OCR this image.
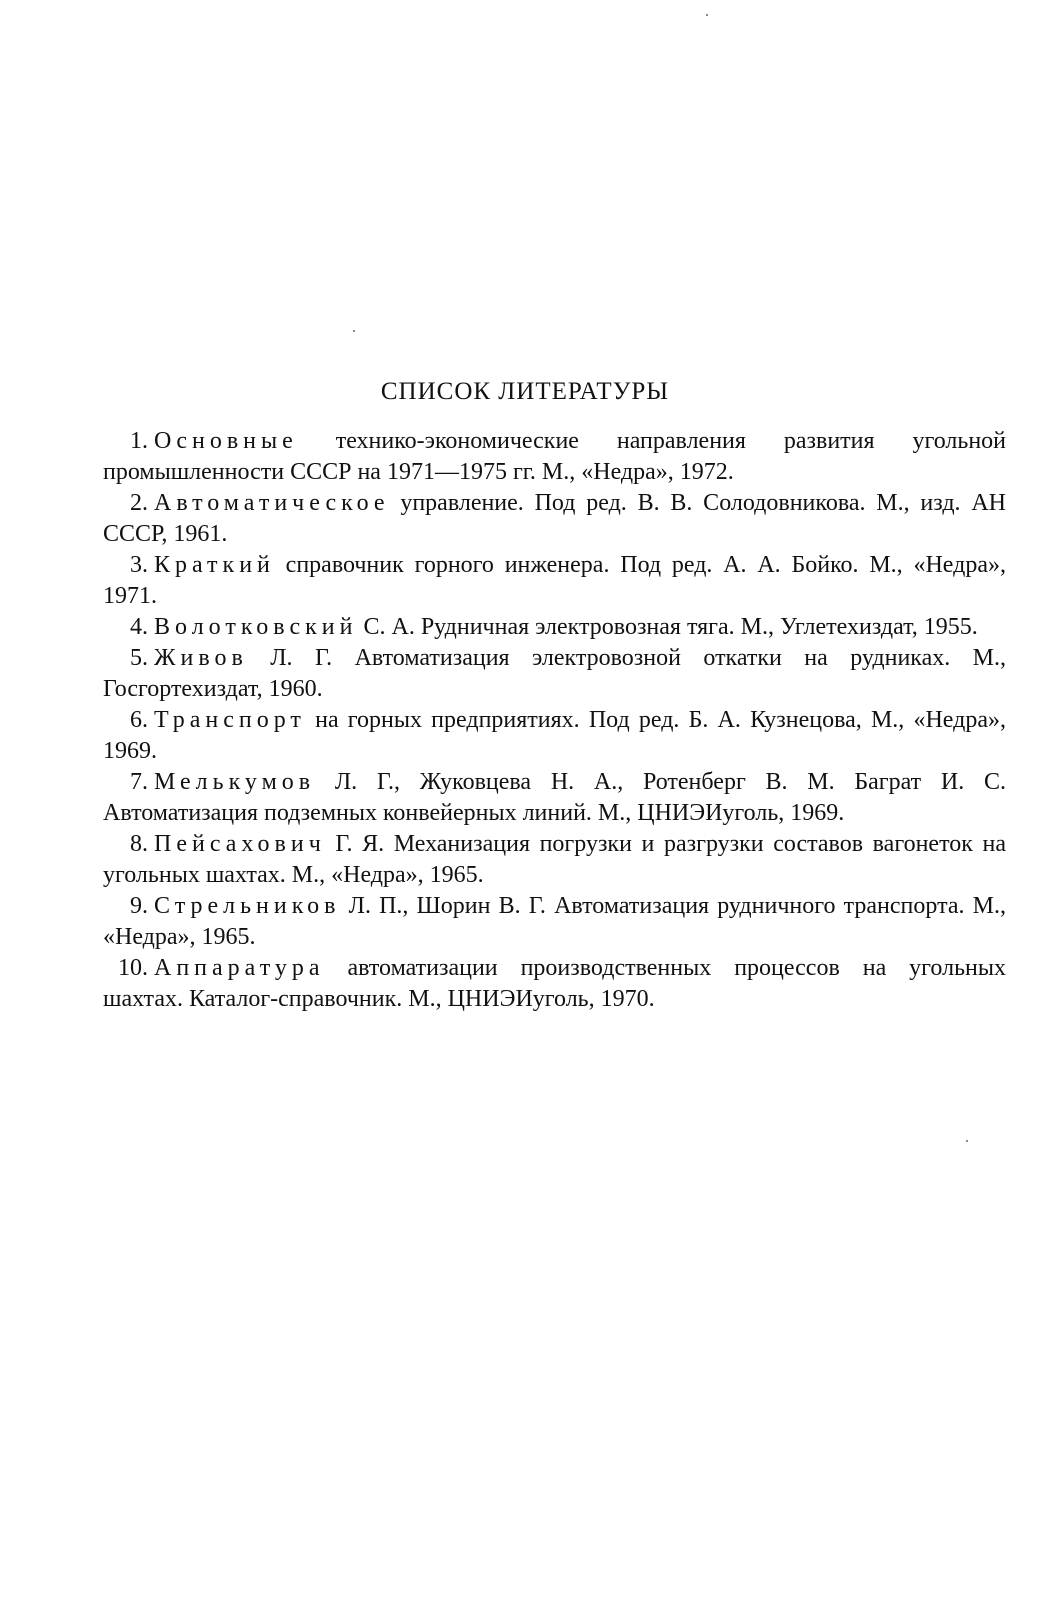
СПИСОК ЛИТЕРАТУРЫ
1. Основные технико-экономические направления развития угольной промышленности СССР на 1971—1975 гг. М., «Недра», 1972.
2. Автоматическое управление. Под ред. В. В. Солодовникова. М., изд. АН СССР, 1961.
3. Краткий справочник горного инженера. Под ред. А. А. Бойко. М., «Недра», 1971.
4. Волотковский С. А. Рудничная электровозная тяга. М., Углетехиздат, 1955.
5. Живов Л. Г. Автоматизация электровозной откатки на рудниках. М., Госгортехиздат, 1960.
6. Транспорт на горных предприятиях. Под ред. Б. А. Кузнецова, М., «Недра», 1969.
7. Мелькумов Л. Г., Жуковцева Н. А., Ротенберг В. М. Баграт И. С. Автоматизация подземных конвейерных линий. М., ЦНИЭИуголь, 1969.
8. Пейсахович Г. Я. Механизация погрузки и разгрузки составов вагонеток на угольных шахтах. М., «Недра», 1965.
9. Стрельников Л. П., Шорин В. Г. Автоматизация рудничного транспорта. М., «Недра», 1965.
10. Аппаратура автоматизации производственных процессов на угольных шахтах. Каталог-справочник. М., ЦНИЭИуголь, 1970.
